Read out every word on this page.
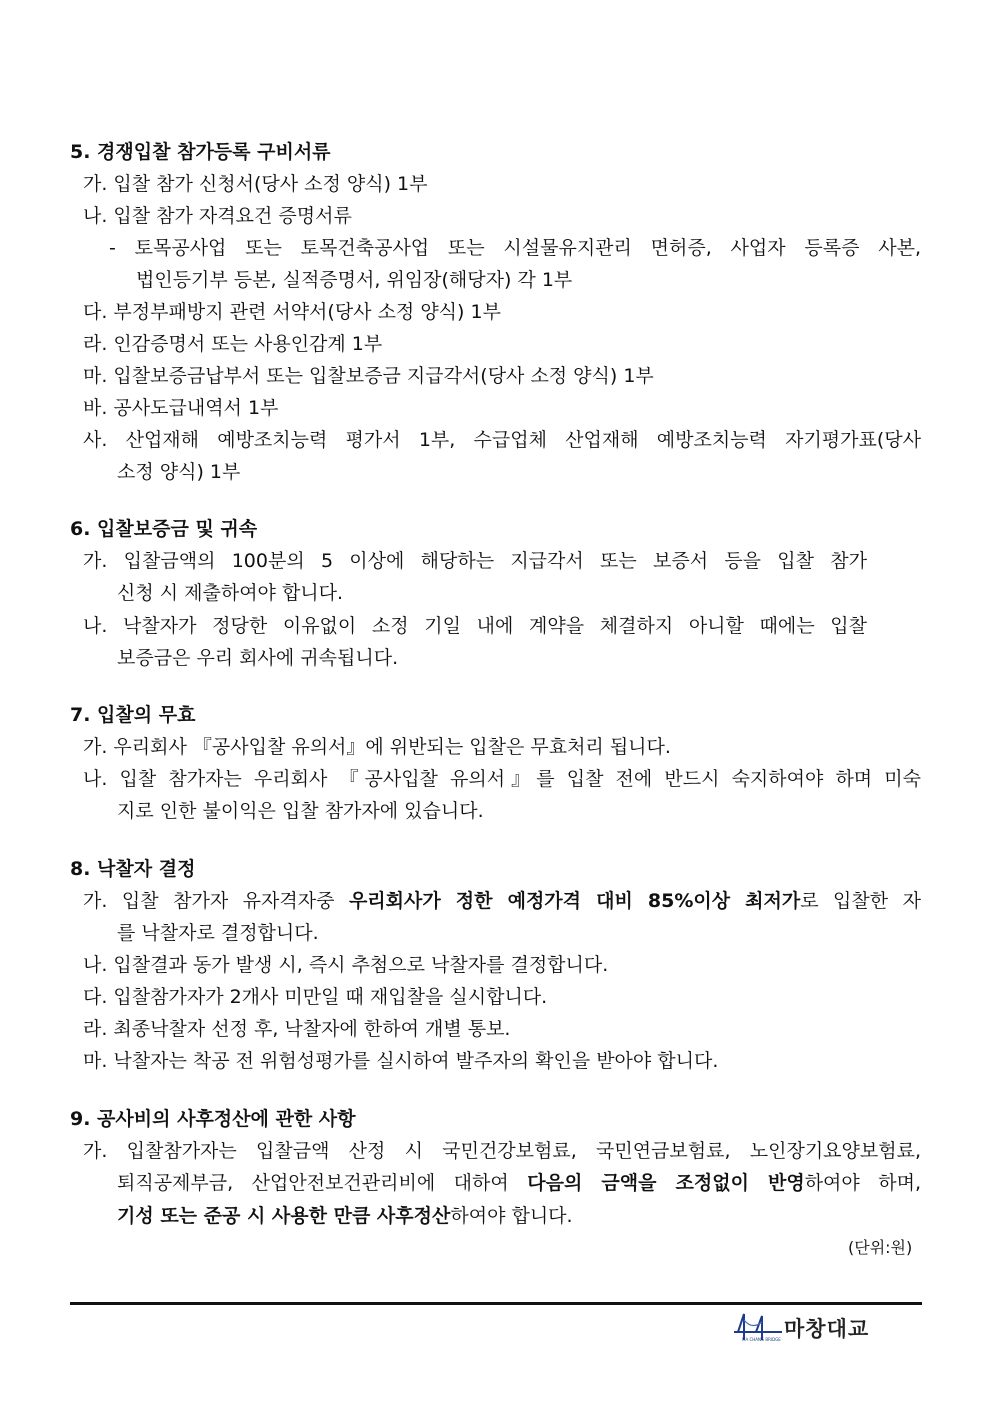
5. 경쟁입찰 참가등록 구비서류
가. 입찰 참가 신청서(당사 소정 양식) 1부
나. 입찰 참가 자격요건 증명서류
- 토목공사업 또는 토목건축공사업 또는 시설물유지관리 면허증, 사업자 등록증 사본,
법인등기부 등본, 실적증명서, 위임장(해당자) 각 1부
다. 부정부패방지 관련 서약서(당사 소정 양식) 1부
라. 인감증명서 또는 사용인감계 1부
마. 입찰보증금납부서 또는 입찰보증금 지급각서(당사 소정 양식) 1부
바. 공사도급내역서 1부
사. 산업재해 예방조치능력 평가서 1부, 수급업체 산업재해 예방조치능력 자기평가표(당사
소정 양식) 1부
6. 입찰보증금 및 귀속
가. 입찰금액의 100분의 5 이상에 해당하는 지급각서 또는 보증서 등을 입찰 참가
신청 시 제출하여야 합니다.
나. 낙찰자가 정당한 이유없이 소정 기일 내에 계약을 체결하지 아니할 때에는 입찰
보증금은 우리 회사에 귀속됩니다.
7. 입찰의 무효
가. 우리회사 『공사입찰 유의서』에 위반되는 입찰은 무효처리 됩니다.
나. 입찰 참가자는 우리회사 『공사입찰 유의서』를 입찰 전에 반드시 숙지하여야 하며 미숙
지로 인한 불이익은 입찰 참가자에 있습니다.
8. 낙찰자 결정
가. 입찰 참가자 유자격자중 우리회사가 정한 예정가격 대비 85%이상 최저가로 입찰한 자
를 낙찰자로 결정합니다.
나. 입찰결과 동가 발생 시, 즉시 추첨으로 낙찰자를 결정합니다.
다. 입찰참가자가 2개사 미만일 때 재입찰을 실시합니다.
라. 최종낙찰자 선정 후, 낙찰자에 한하여 개별 통보.
마. 낙찰자는 착공 전 위험성평가를 실시하여 발주자의 확인을 받아야 합니다.
9. 공사비의 사후정산에 관한 사항
가. 입찰참가자는 입찰금액 산정 시 국민건강보험료, 국민연금보험료, 노인장기요양보험료,
퇴직공제부금, 산업안전보건관리비에 대하여 다음의 금액을 조정없이 반영하여야 하며,
기성 또는 준공 시 사용한 만큼 사후정산하여야 합니다.
(단위:원)
MA CHANG BRIDGE 마창대교
